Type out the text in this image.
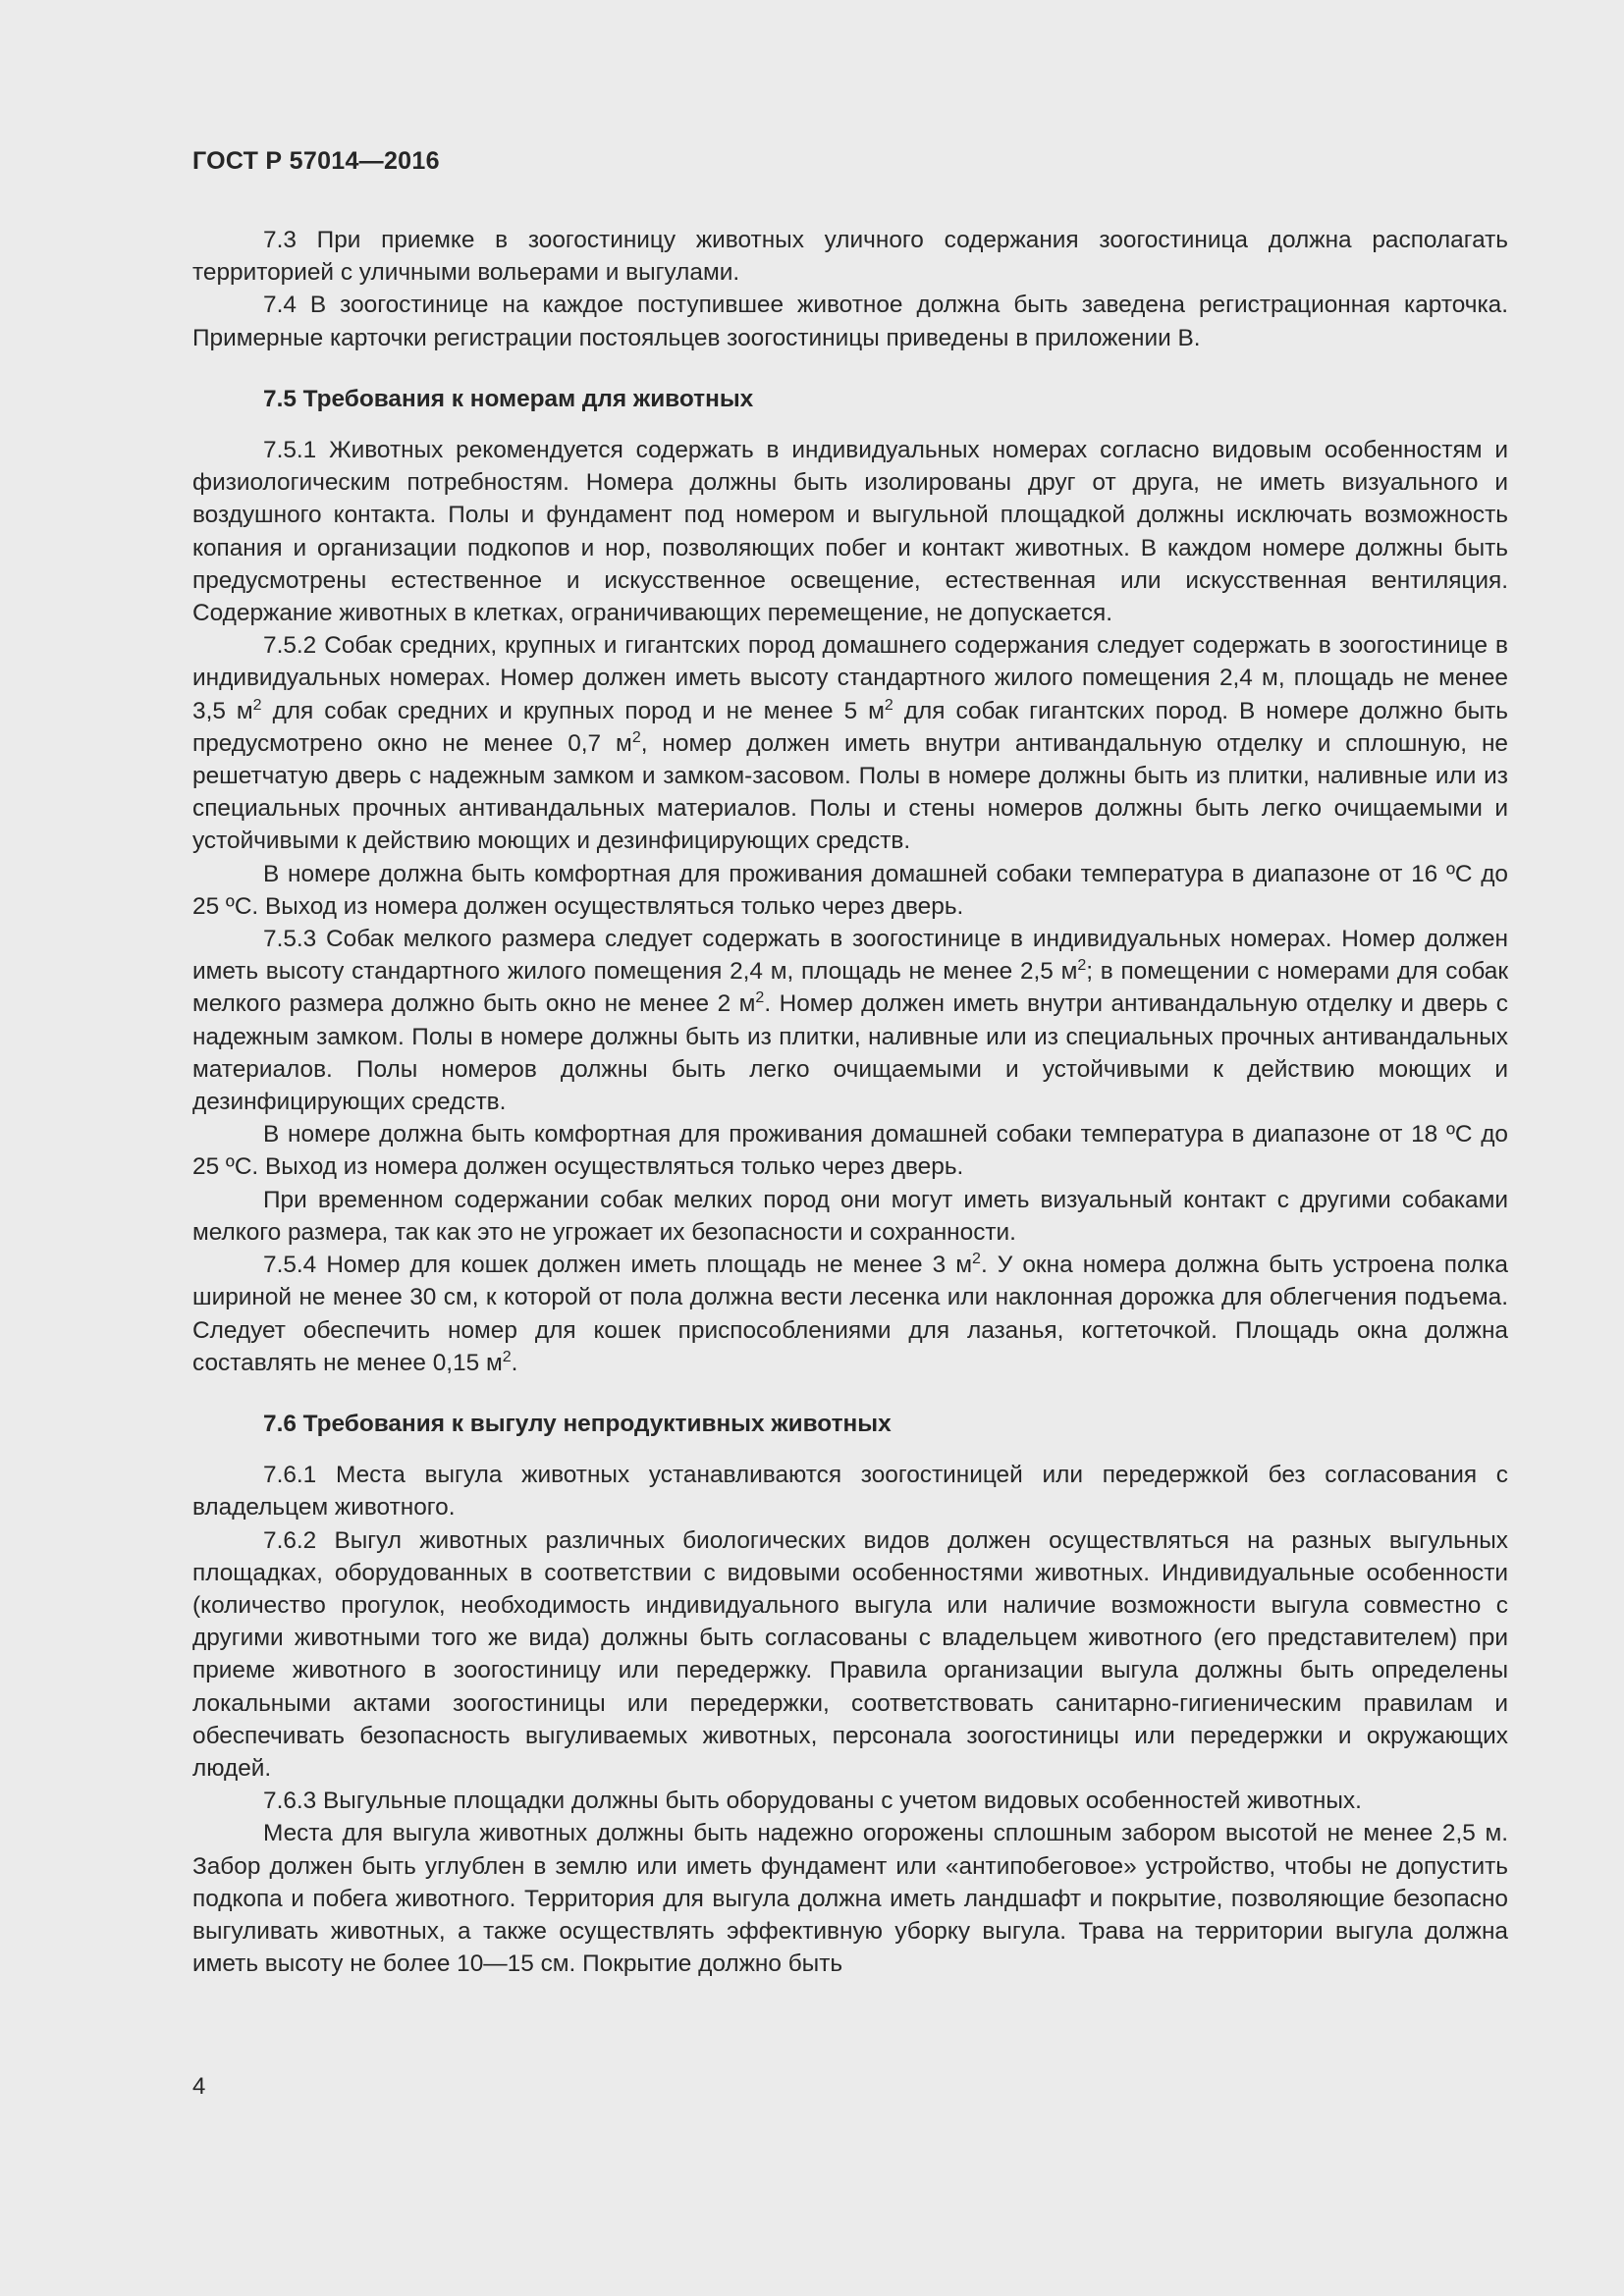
ГОСТ Р 57014—2016

7.3 При приемке в зоогостиницу животных уличного содержания зоогостиница должна располагать территорией с уличными вольерами и выгулами.

7.4 В зоогостинице на каждое поступившее животное должна быть заведена регистрационная карточка. Примерные карточки регистрации постояльцев зоогостиницы приведены в приложении В.

7.5 Требования к номерам для животных

7.5.1 Животных рекомендуется содержать в индивидуальных номерах согласно видовым особенностям и физиологическим потребностям. Номера должны быть изолированы друг от друга, не иметь визуального и воздушного контакта. Полы и фундамент под номером и выгульной площадкой должны исключать возможность копания и организации подкопов и нор, позволяющих побег и контакт животных. В каждом номере должны быть предусмотрены естественное и искусственное освещение, естественная или искусственная вентиляция. Содержание животных в клетках, ограничивающих перемещение, не допускается.

7.5.2 Собак средних, крупных и гигантских пород домашнего содержания следует содержать в зоогостинице в индивидуальных номерах. Номер должен иметь высоту стандартного жилого помещения 2,4 м, площадь не менее 3,5 $м^2$ для собак средних и крупных пород и не менее 5 $м^2$ для собак гигантских пород. В номере должно быть предусмотрено окно не менее 0,7 $м^2$, номер должен иметь внутри антивандальную отделку и сплошную, не решетчатую дверь с надежным замком и замком-засовом. Полы в номере должны быть из плитки, наливные или из специальных прочных антивандальных материалов. Полы и стены номеров должны быть легко очищаемыми и устойчивыми к действию моющих и дезинфицирующих средств.

В номере должна быть комфортная для проживания домашней собаки температура в диапазоне от 16 ºC до 25 ºC. Выход из номера должен осуществляться только через дверь.

7.5.3 Собак мелкого размера следует содержать в зоогостинице в индивидуальных номерах. Номер должен иметь высоту стандартного жилого помещения 2,4 м, площадь не менее 2,5 $м^2$; в помещении с номерами для собак мелкого размера должно быть окно не менее 2 $м^2$. Номер должен иметь внутри антивандальную отделку и дверь с надежным замком. Полы в номере должны быть из плитки, наливные или из специальных прочных антивандальных материалов. Полы номеров должны быть легко очищаемыми и устойчивыми к действию моющих и дезинфицирующих средств.

В номере должна быть комфортная для проживания домашней собаки температура в диапазоне от 18 ºC до 25 ºC. Выход из номера должен осуществляться только через дверь.

При временном содержании собак мелких пород они могут иметь визуальный контакт с другими собаками мелкого размера, так как это не угрожает их безопасности и сохранности.

7.5.4 Номер для кошек должен иметь площадь не менее 3 $м^2$. У окна номера должна быть устроена полка шириной не менее 30 см, к которой от пола должна вести лесенка или наклонная дорожка для облегчения подъема. Следует обеспечить номер для кошек приспособлениями для лазанья, когтеточкой. Площадь окна должна составлять не менее 0,15 $м^2$.

7.6 Требования к выгулу непродуктивных животных

7.6.1 Места выгула животных устанавливаются зоогостиницей или передержкой без согласования с владельцем животного.

7.6.2 Выгул животных различных биологических видов должен осуществляться на разных выгульных площадках, оборудованных в соответствии с видовыми особенностями животных. Индивидуальные особенности (количество прогулок, необходимость индивидуального выгула или наличие возможности выгула совместно с другими животными того же вида) должны быть согласованы с владельцем животного (его представителем) при приеме животного в зоогостиницу или передержку. Правила организации выгула должны быть определены локальными актами зоогостиницы или передержки, соответствовать санитарно-гигиеническим правилам и обеспечивать безопасность выгуливаемых животных, персонала зоогостиницы или передержки и окружающих людей.

7.6.3 Выгульные площадки должны быть оборудованы с учетом видовых особенностей животных.

Места для выгула животных должны быть надежно огорожены сплошным забором высотой не менее 2,5 м. Забор должен быть углублен в землю или иметь фундамент или «антипобеговое» устройство, чтобы не допустить подкопа и побега животного. Территория для выгула должна иметь ландшафт и покрытие, позволяющие безопасно выгуливать животных, а также осуществлять эффективную уборку выгула. Трава на территории выгула должна иметь высоту не более 10—15 см. Покрытие должно быть

4
